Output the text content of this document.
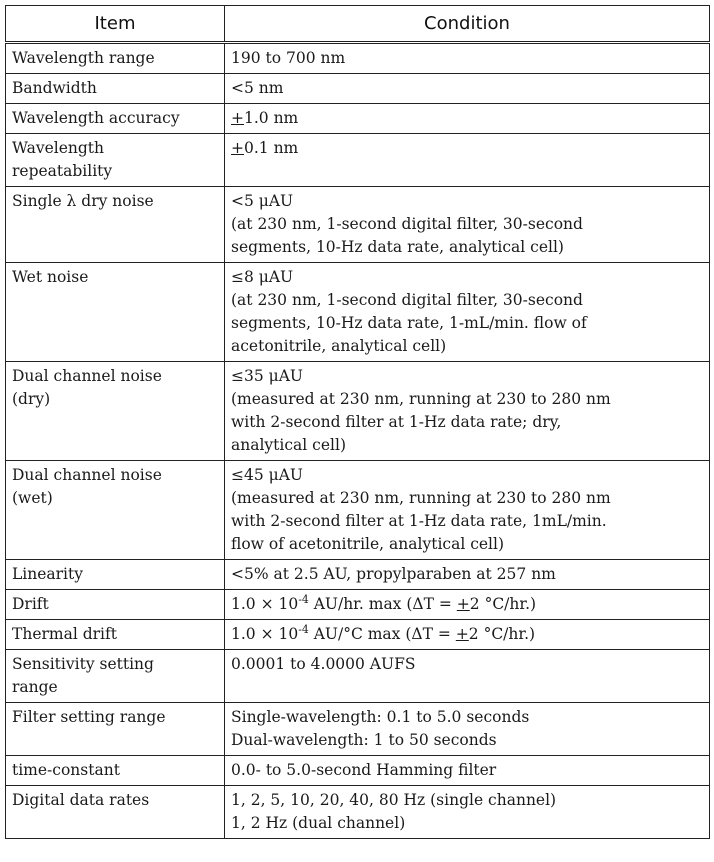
Item	Condition

Wavelength range	190 to 700 nm

Bandwidth	<5 nm

Wavelength accuracy	+1.0 nm

Wavelength
repeatability	+0.1 nm

Single λ dry noise	<5 μAU
(at 230 nm, 1-second digital filter, 30-second
segments, 10-Hz data rate, analytical cell)

Wet noise	≤8 μAU
(at 230 nm, 1-second digital filter, 30-second
segments, 10-Hz data rate, 1-mL/min. flow of
acetonitrile, analytical cell)

Dual channel noise
(dry)	≤35 μAU
(measured at 230 nm, running at 230 to 280 nm
with 2-second filter at 1-Hz data rate; dry,
analytical cell)

Dual channel noise
(wet)	≤45 μAU
(measured at 230 nm, running at 230 to 280 nm
with 2-second filter at 1-Hz data rate, 1mL/min.
flow of acetonitrile, analytical cell)

Linearity	<5% at 2.5 AU, propylparaben at 257 nm

Drift	$1.0 \times 10^{-4}$ AU/hr. max (ΔT = +2 °C/hr.)

Thermal drift	$1.0 \times 10^{-4}$ AU/°C max (ΔT = +2 °C/hr.)

Sensitivity setting
range	0.0001 to 4.0000 AUFS

Filter setting range	Single-wavelength: 0.1 to 5.0 seconds
Dual-wavelength: 1 to 50 seconds

time-constant	0.0- to 5.0-second Hamming filter

Digital data rates	1, 2, 5, 10, 20, 40, 80 Hz (single channel)
1, 2 Hz (dual channel)
